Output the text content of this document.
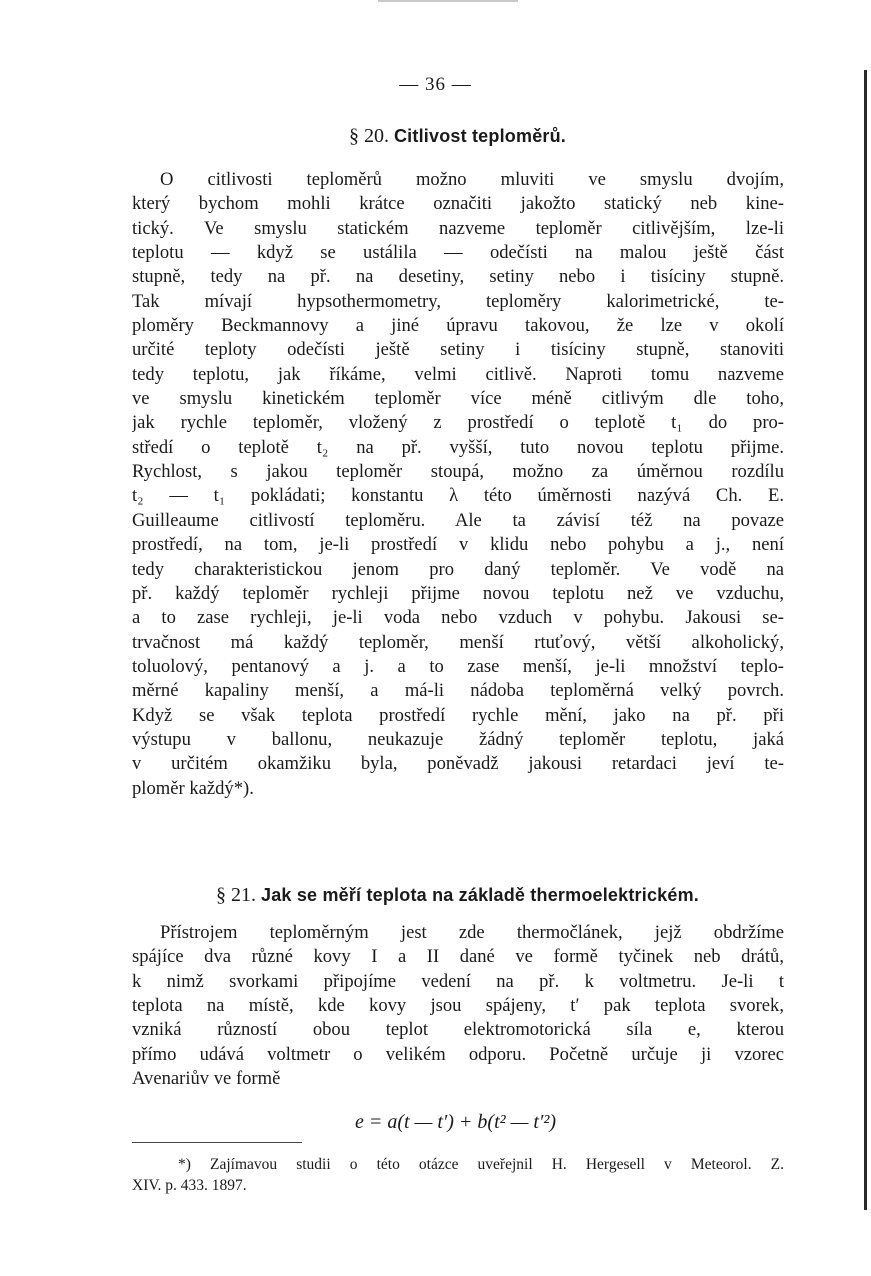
— 36 —
§ 20. Citlivost teploměrů.
O citlivosti teploměrů možno mluviti ve smyslu dvojím,
který bychom mohli krátce označiti jakožto statický neb kine-
tický. Ve smyslu statickém nazveme teploměr citlivějším, lze-li
teplotu — když se ustálila — odečísti na malou ještě část
stupně, tedy na př. na desetiny, setiny nebo i tisíciny stupně.
Tak mívají hypsothermometry, teploměry kalorimetrické, te-
ploměry Beckmannovy a jiné úpravu takovou, že lze v okolí
určité teploty odečísti ještě setiny i tisíciny stupně, stanoviti
tedy teplotu, jak říkáme, velmi citlivě. Naproti tomu nazveme
ve smyslu kinetickém teploměr více méně citlivým dle toho,
jak rychle teploměr, vložený z prostředí o teplotě t₁ do pro-
středí o teplotě t₂ na př. vyšší, tuto novou teplotu přijme.
Rychlost, s jakou teploměr stoupá, možno za úměrnou rozdílu
t₂ — t₁ pokládati; konstantu λ této úměrnosti nazývá Ch. E.
Guilleaume citlivostí teploměru. Ale ta závisí též na povaze
prostředí, na tom, je-li prostředí v klidu nebo pohybu a j., není
tedy charakteristickou jenom pro daný teploměr. Ve vodě na
př. každý teploměr rychleji přijme novou teplotu než ve vzduchu,
a to zase rychleji, je-li voda nebo vzduch v pohybu. Jakousi se-
trvačnost má každý teploměr, menší rtuťový, větší alkoholický,
toluolový, pentanový a j. a to zase menší, je-li množství teplo-
měrné kapaliny menší, a má-li nádoba teploměrná velký povrch.
Když se však teplota prostředí rychle mění, jako na př. při
výstupu v ballonu, neukazuje žádný teploměr teplotu, jaká
v určitém okamžiku byla, poněvadž jakousi retardaci jeví te-
ploměr každý*).
§ 21. Jak se měří teplota na základě thermoelektrickém.
Přístrojem teploměrným jest zde thermočlánek, jejž obdržíme
spájíce dva různé kovy I a II dané ve formě tyčinek neb drátů,
k nimž svorkami připojíme vedení na př. k voltmetru. Je-li t
teplota na místě, kde kovy jsou spájeny, t′ pak teplota svorek,
vzniká růzností obou teplot elektromotorická síla e, kterou
přímo udává voltmetr o velikém odporu. Početně určuje ji vzorec
Avenariův ve formě
e = a(t — t′) + b(t² — t′²)
*) Zajímavou studii o této otázce uveřejnil H. Hergesell v Meteorol. Z.
XIV. p. 433. 1897.
